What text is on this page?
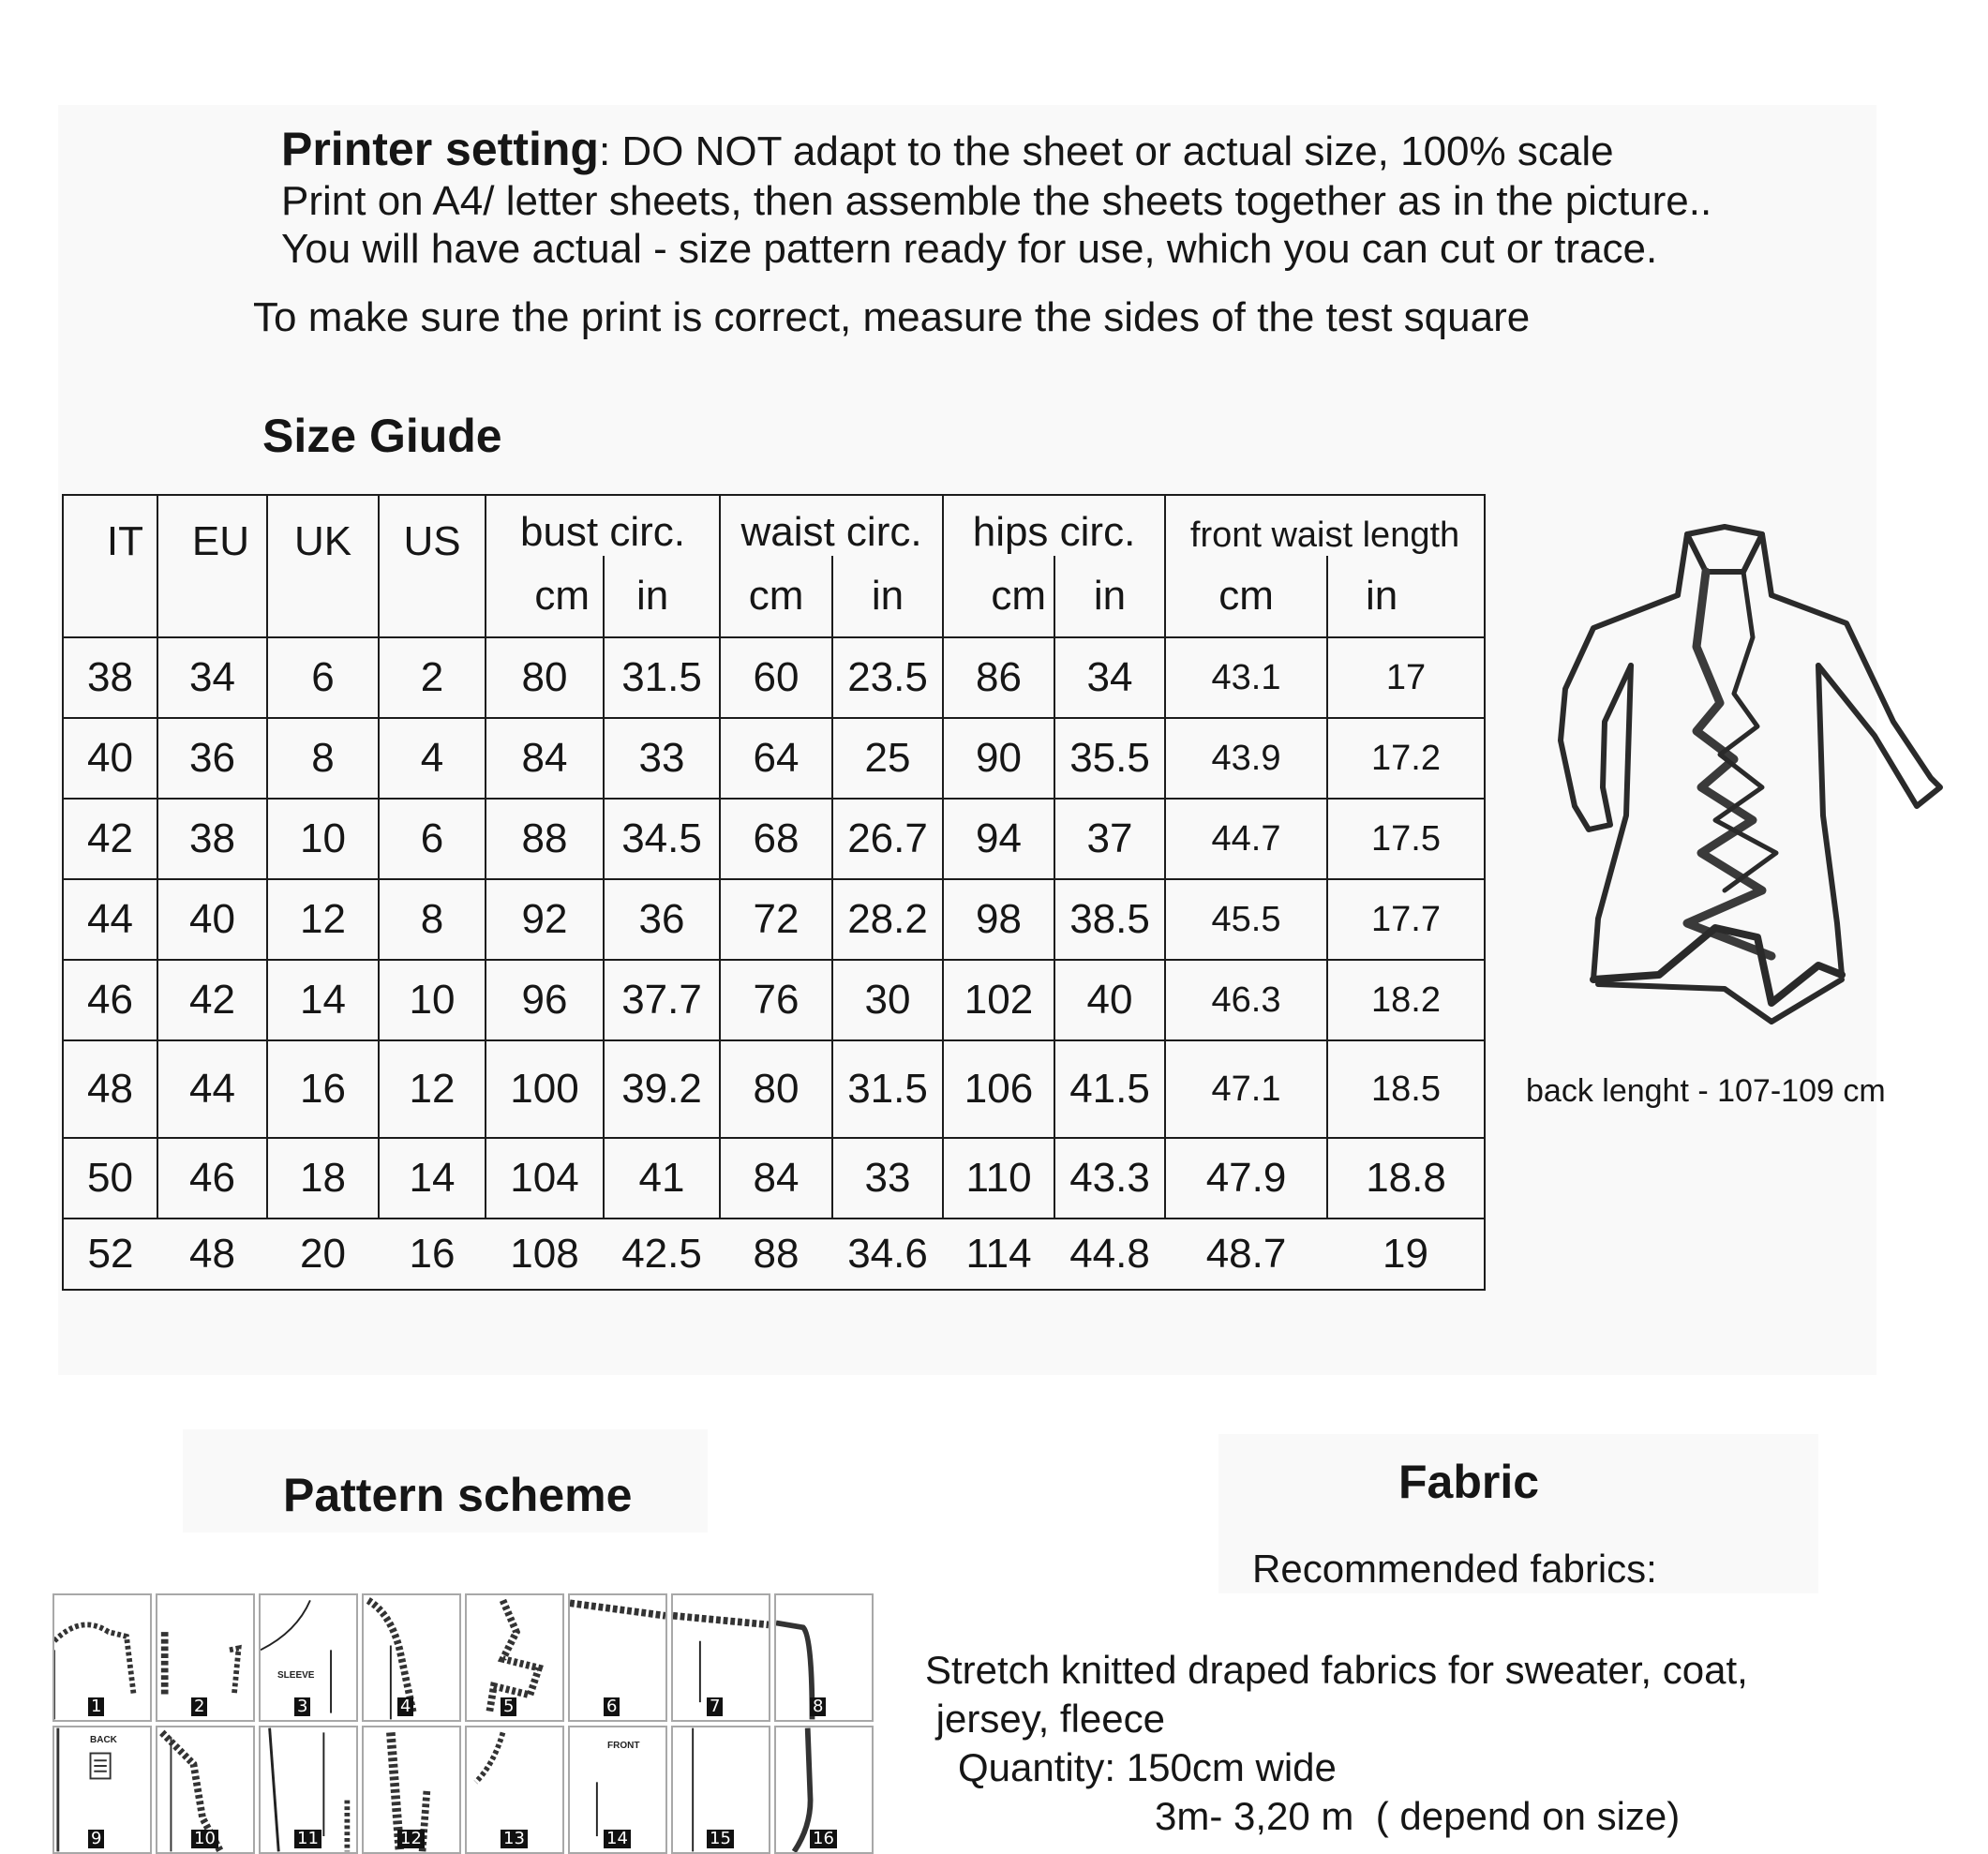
Printer setting: DO NOT adapt to the sheet or actual size, 100% scale
Print on A4/ letter sheets, then assemble the sheets together as in the picture..
You will have actual - size pattern ready for use, which you can cut or trace.
To make sure the print is correct, measure the sides of the test square
Size Giude
IT	EU	UK	US	bust circ.		waist circ.		hips circ.		front waist length	
				cm	in	cm	in	cm	in	cm	in
38	34	6	2	80	31.5	60	23.5	86	34	43.1	17
40	36	8	4	84	33	64	25	90	35.5	43.9	17.2
42	38	10	6	88	34.5	68	26.7	94	37	44.7	17.5
44	40	12	8	92	36	72	28.2	98	38.5	45.5	17.7
46	42	14	10	96	37.7	76	30	102	40	46.3	18.2
48	44	16	12	100	39.2	80	31.5	106	41.5	47.1	18.5
50	46	18	14	104	41	84	33	110	43.3	47.9	18.8
52	48	20	16	108	42.5	88	34.6	114	44.8	48.7	19
back lenght - 107-109 cm
Pattern scheme
1	2
SLEEVE
3	4	5	6	7	8
BACK
9	10	11	12	13
FRONT
14	15	16
Fabric
Recommended fabrics:
Stretch knitted draped fabrics for sweater, coat,
jersey, fleece
Quantity: 150cm wide
3m- 3,20 m  ( depend on size)
